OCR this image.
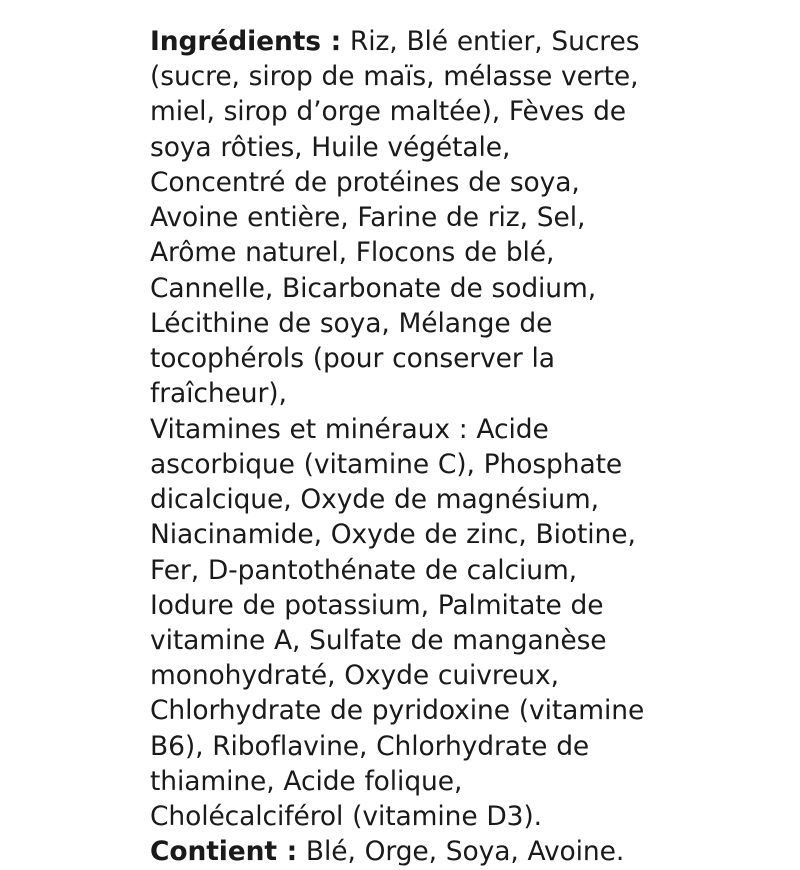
Ingrédients : Riz, Blé entier, Sucres (sucre, sirop de maïs, mélasse verte, miel, sirop d’orge maltée), Fèves de soya rôties, Huile végétale, Concentré de protéines de soya, Avoine entière, Farine de riz, Sel, Arôme naturel, Flocons de blé, Cannelle, Bicarbonate de sodium, Lécithine de soya, Mélange de tocophérols (pour conserver la fraîcheur),

Vitamines et minéraux : Acide ascorbique (vitamine C), Phosphate dicalcique, Oxyde de magnésium, Niacinamide, Oxyde de zinc, Biotine, Fer, D-pantothénate de calcium, Iodure de potassium, Palmitate de vitamine A, Sulfate de manganèse monohydraté, Oxyde cuivreux, Chlorhydrate de pyridoxine (vitamine B6), Riboflavine, Chlorhydrate de thiamine, Acide folique, Cholécalciférol (vitamine D3).

Contient : Blé, Orge, Soya, Avoine.
